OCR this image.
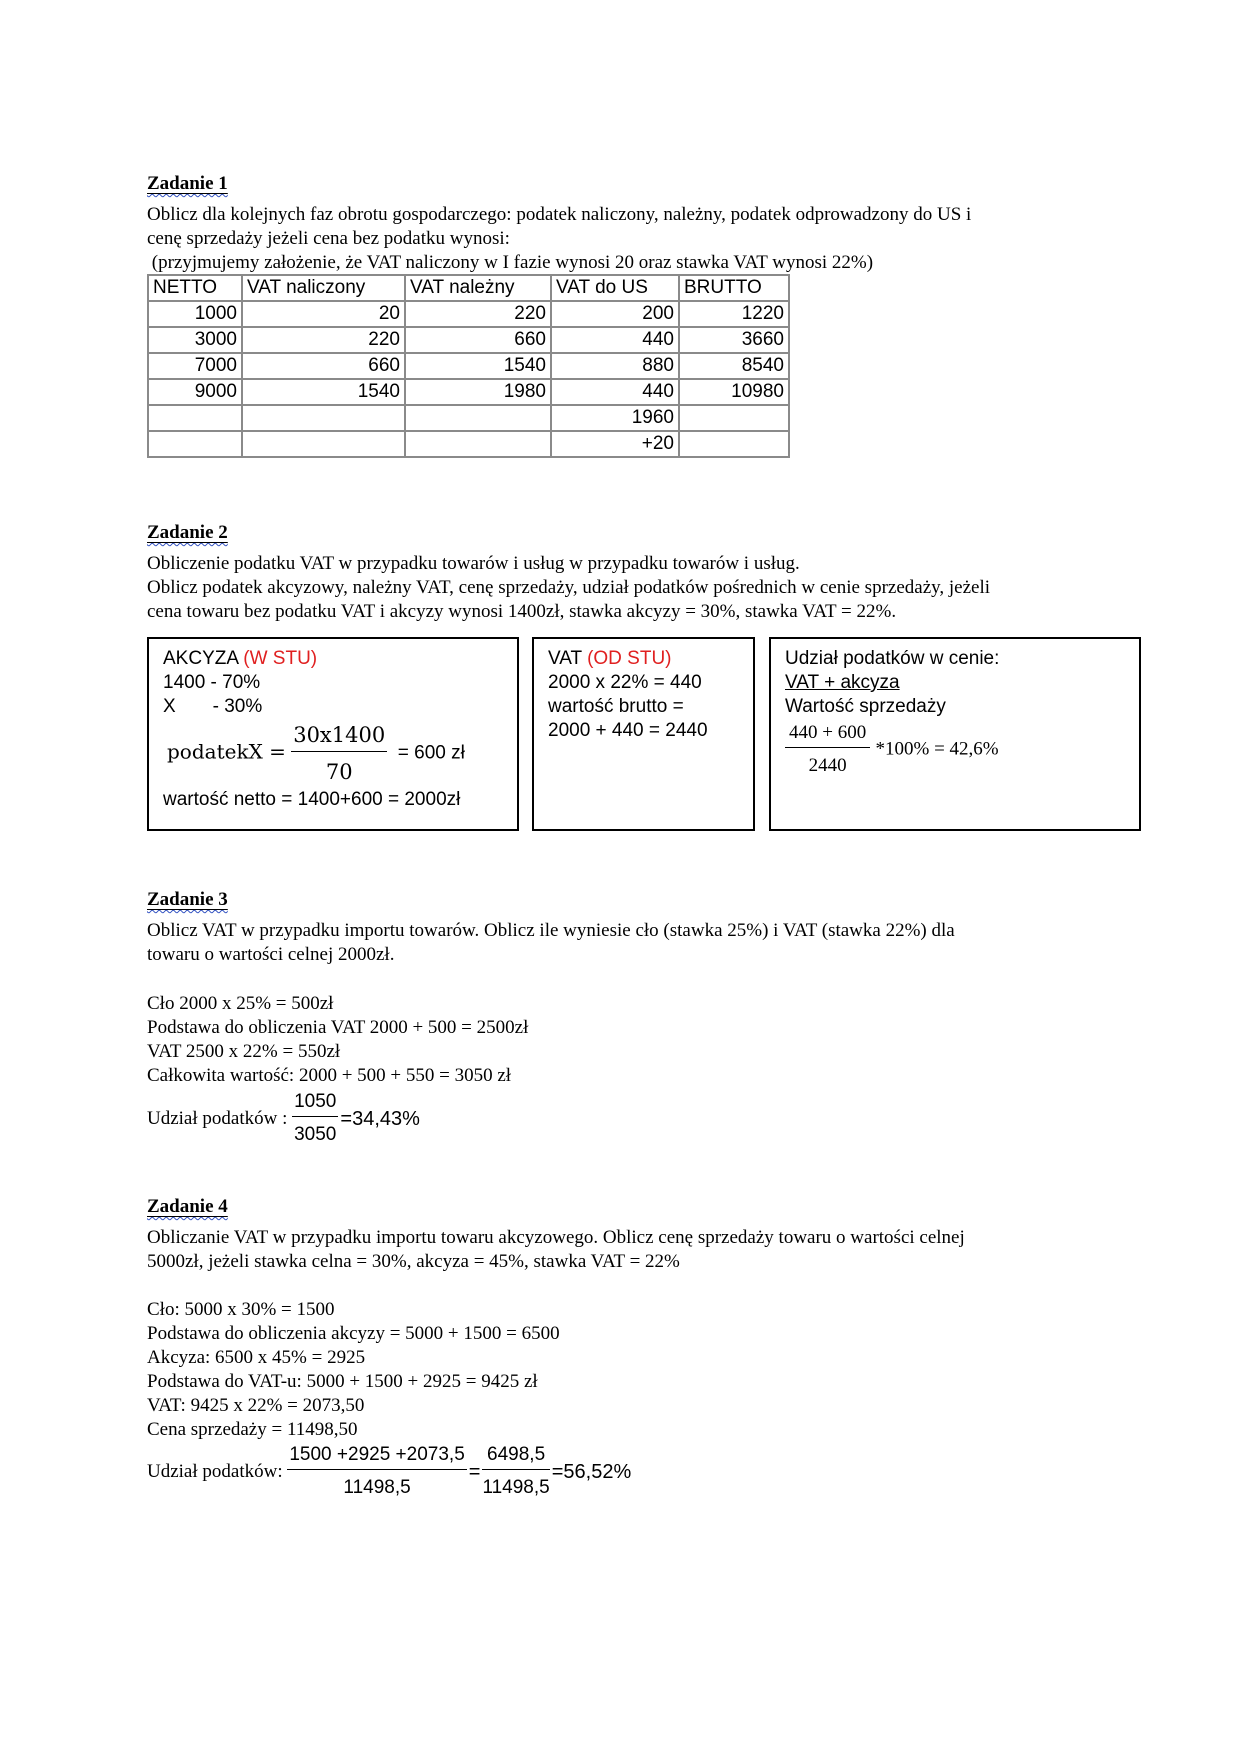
Zadanie 1

Oblicz dla kolejnych faz obrotu gospodarczego: podatek naliczony, należny, podatek odprowadzony do US i

cenę sprzedaży jeżeli cena bez podatku wynosi:

(przyjmujemy założenie, że VAT naliczony w I fazie wynosi 20 oraz stawka VAT wynosi 22%)

NETTO	VAT naliczony	VAT należny	VAT do US	BRUTTO
1000	20	220	200	1220
3000	220	660	440	3660
7000	660	1540	880	8540
9000	1540	1980	440	10980
			1960	
			+20	
Zadanie 2

Obliczenie podatku VAT w przypadku towarów i usług w przypadku towarów i usług.

Oblicz podatek akcyzowy, należny VAT, cenę sprzedaży, udział podatków pośrednich w cenie sprzedaży, jeżeli

cena towaru bez podatku VAT i akcyzy wynosi 1400zł, stawka akcyzy = 30%, stawka VAT = 22%.

AKCYZA (W STU)

1400 - 70%

X       - 30%

podatekX = $\frac{30x1400}{70} = 600$ zł

wartość netto = 1400+600 = 2000zł

VAT (OD STU)

2000 x 22% = 440

wartość brutto =

2000 + 440 = 2440

Udział podatków w cenie:

VAT + akcyza

Wartość sprzedaży

$\frac{440 + 600}{2440} *100\% = 42,6\%$

Zadanie 3

Oblicz VAT w przypadku importu towarów. Oblicz ile wyniesie cło (stawka 25%) i VAT (stawka 22%) dla

towaru o wartości celnej 2000zł.

Cło 2000 x 25% = 500zł

Podstawa do obliczenia VAT 2000 + 500 = 2500zł

VAT 2500 x 22% = 550zł

Całkowita wartość: 2000 + 500 + 550 = 3050 zł

Udział podatków : $\frac{1050}{3050} =34,43\%$
Zadanie 4

Obliczanie VAT w przypadku importu towaru akcyzowego. Oblicz cenę sprzedaży towaru o wartości celnej

5000zł, jeżeli stawka celna = 30%, akcyza = 45%, stawka VAT = 22%

Cło: 5000 x 30% = 1500

Podstawa do obliczenia akcyzy = 5000 + 1500 = 6500

Akcyza: 6500 x 45% = 2925

Podstawa do VAT-u: 5000 + 1500 + 2925 = 9425 zł

VAT: 9425 x 22% = 2073,50

Cena sprzedaży = 11498,50

Udział podatków: $\frac{1500 +2925 +2073,5}{11498,5} = \frac{6498,5}{11498,5} =56,52\%$
